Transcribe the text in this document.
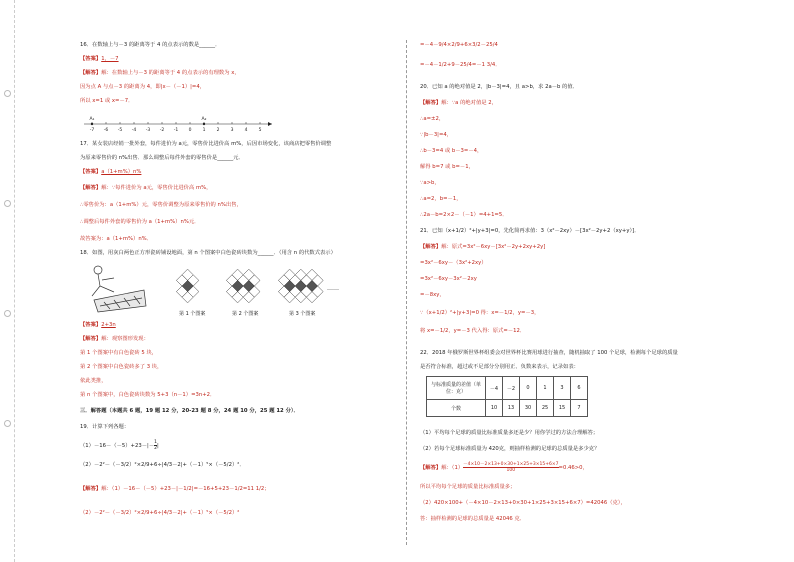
16．在数轴上与－3 的距离等于 4 的点表示的数是______．
【答案】1，－7
【解答】解：在数轴上与－3 的距离等于 4 的点表示的有理数为 x，
因为点 A 与点－3 的距离为 4，即|x－（－1）|=4，
所以 x=1 或 x=－7．
-7 -6 -5 -4 -3 -2 -1 0 1 2 3 4 5
A₁	A₂
17．某女装店经销一批外套，每件进价为 a元，零售价比进价高 m%，后因市场变化，该商店把零售价调整
为原来零售价的 n%出售．那么调整后每件外套的零售价是______元．
【答案】a（1+m%）n%
【解答】解：∵每件进价为 a元，零售价比进价高 m%，
∴零售价为：a（1+m%）元，零售价调整为原来零售价的 n%出售，
∴调整后每件外套的零售价为 a（1+m%）n%元．
故答案为：a（1+m%）n%．
18．如图，用灰白两色正方形瓷砖铺设地面，第 n 个图案中白色瓷砖块数为______．（用含 n 的代数式表示）
第 1 个图案	第 2 个图案	第 3 个图案
……
【答案】2+3n
【解答】解：观察图形发现：
第 1 个图案中有白色瓷砖 5 块，
第 2 个图案中白色瓷砖多了 3 块，
依此类推，
第 n 个图案中，白色瓷砖块数为 5+3（n－1）=3n+2．
三．解答题（本题共 6 题，19 题 12 分，20-23 题 8 分，24 题 10 分，25 题 12 分）．
19．计算下列各题：
$(1)-16-(-5)+23-|- \frac{1}{2}|$
（2）－2²－（－3/2）²×2/9+6÷|4/3－2|+（－1）⁵×（－5/2）²．
【解答】解：（1）－16－（－5）+23－|－1/2|=－16+5+23－1/2=11 1/2；
（2）－2²－（－3/2）²×2/9+6÷|4/3－2|+（－1）⁵×（－5/2）²
=－4－9/4×2/9+6×3/2－25/4
=－4－1/2+9－25/4=－1 3/4．
20．已知 a 的绝对值是 2，|b－3|=4，且 a>b，求 2a－b 的值．
【解答】解：∵a 的绝对值是 2，
∴a=±2，
∵|b－3|=4，
∴b－3=4 或 b－3=－4，
解得 b=7 或 b=－1，
∵a>b，
∴a=2，b=－1，
∴2a－b=2×2－（－1）=4+1=5．
21．已知（x+1/2）²+|y+3|=0，先化简再求值：3（x²－2xy）－[3x²－2y+2（xy+y）]．
【解答】解：原式=3x²－6xy－[3x²－2y+2xy+2y]
=3x²－6xy－（3x²+2xy）
=3x²－6xy－3x²－2xy
=－8xy，
∵（x+1/2）²+|y+3|=0 得：x=－1/2，y=－3，
将 x=－1/2，y=－3 代入得：原式=－12．
22．2018 年俄罗斯世界杯组委会对世界杯比赛用球进行抽查，随机抽取了 100 个足球，检测每个足球的质量
是否符合标准，超过或不足部分分别用正、负数来表示，记录如表：
与标准质量的差值（单位：克）	－4	－2	0	1	3	6
个数	10	13	30	25	15	7
（1）平均每个足球的质量比标准质量多还是少？用你学过的方法合理解答；
（2）若每个足球标准质量为 420克，则抽样检测的足球的总质量是多少克？
【解答】解：$(1) \frac{-4\times 10-2\times 13+0\times 30+1\times 25+3\times 15+6\times 7}{100}=0.46>0$，
所以平均每个足球的质量比标准质量多；
（2）420×100+（－4×10－2×13+0×30+1×25+3×15+6×7）=42046（克），
答：抽样检测的足球的总质量是 42046 克．
